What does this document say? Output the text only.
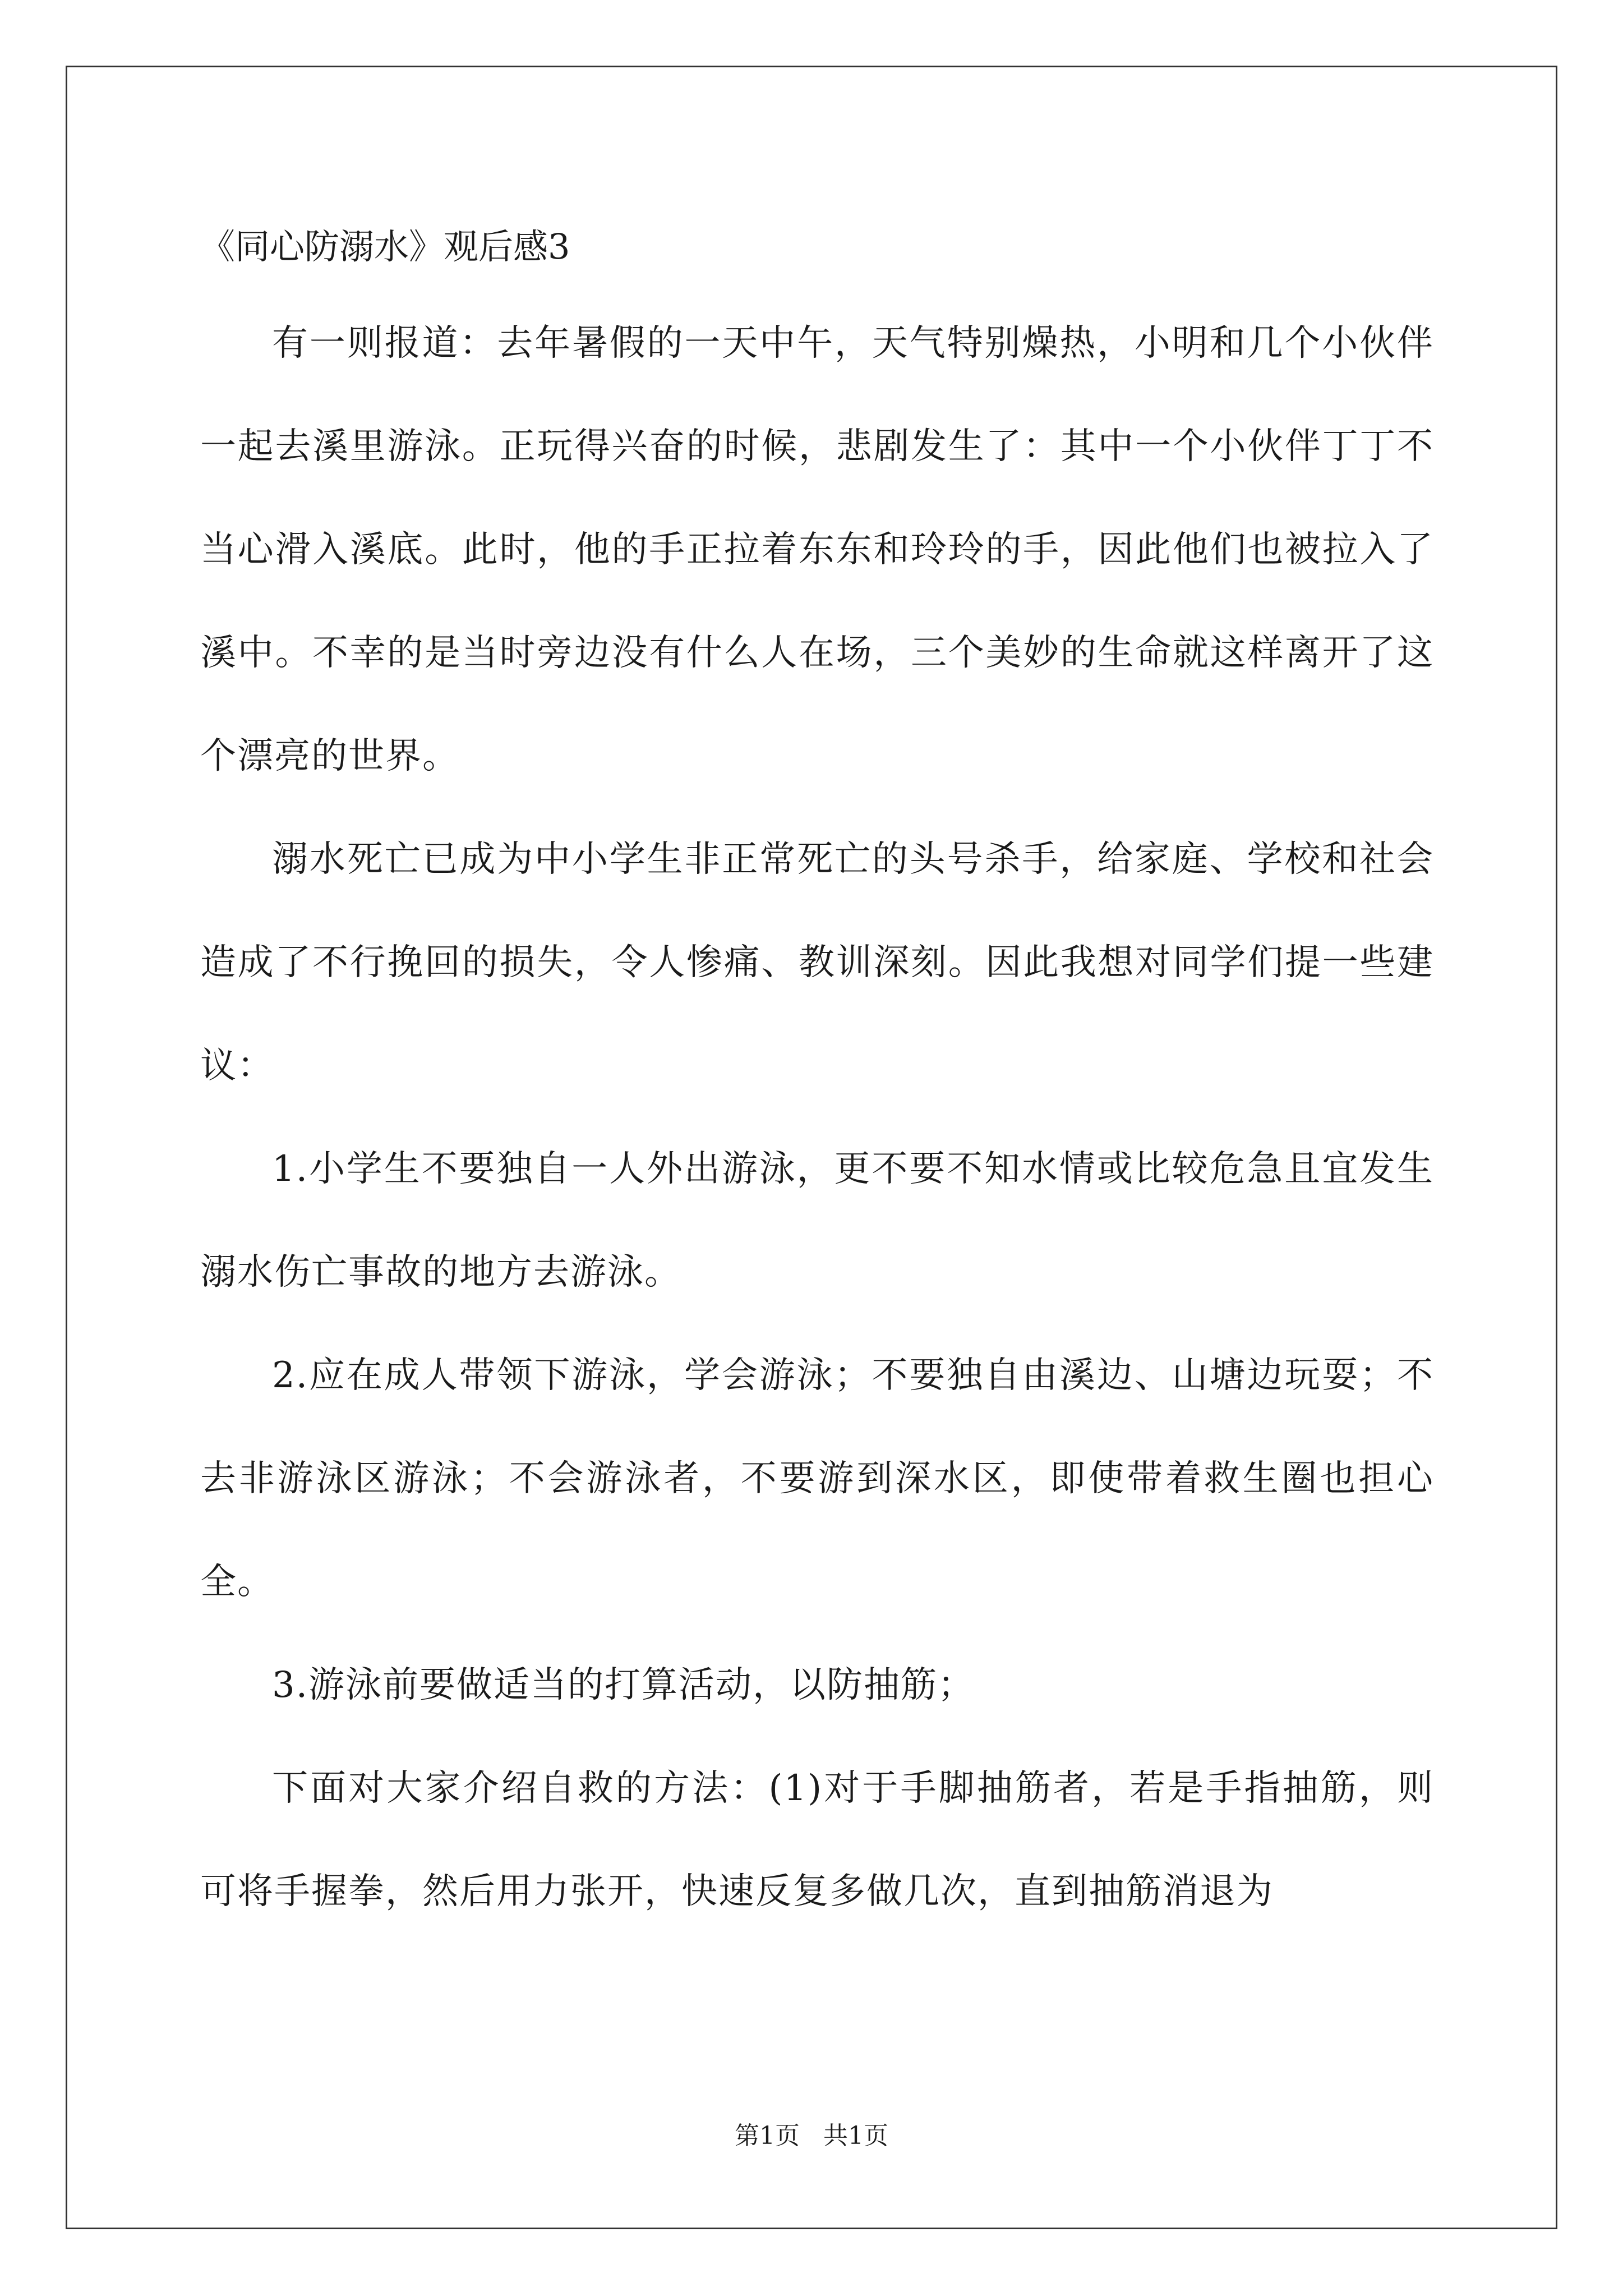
《同心防溺水》观后感3

有一则报道：去年暑假的一天中午，天气特别燥热，小明和几个小伙伴一起去溪里游泳。正玩得兴奋的时候，悲剧发生了：其中一个小伙伴丁丁不当心滑入溪底。此时，他的手正拉着东东和玲玲的手，因此他们也被拉入了溪中。不幸的是当时旁边没有什么人在场，三个美妙的生命就这样离开了这个漂亮的世界。

溺水死亡已成为中小学生非正常死亡的头号杀手，给家庭、学校和社会造成了不行挽回的损失，令人惨痛、教训深刻。因此我想对同学们提一些建议：

1.小学生不要独自一人外出游泳，更不要不知水情或比较危急且宜发生溺水伤亡事故的地方去游泳。

2.应在成人带领下游泳，学会游泳；不要独自由溪边、山塘边玩耍；不去非游泳区游泳；不会游泳者，不要游到深水区，即使带着救生圈也担心全。

3.游泳前要做适当的打算活动，以防抽筋；

下面对大家介绍自救的方法：(1)对于手脚抽筋者，若是手指抽筋，则可将手握拳，然后用力张开，快速反复多做几次，直到抽筋消退为

第1页   共1页
